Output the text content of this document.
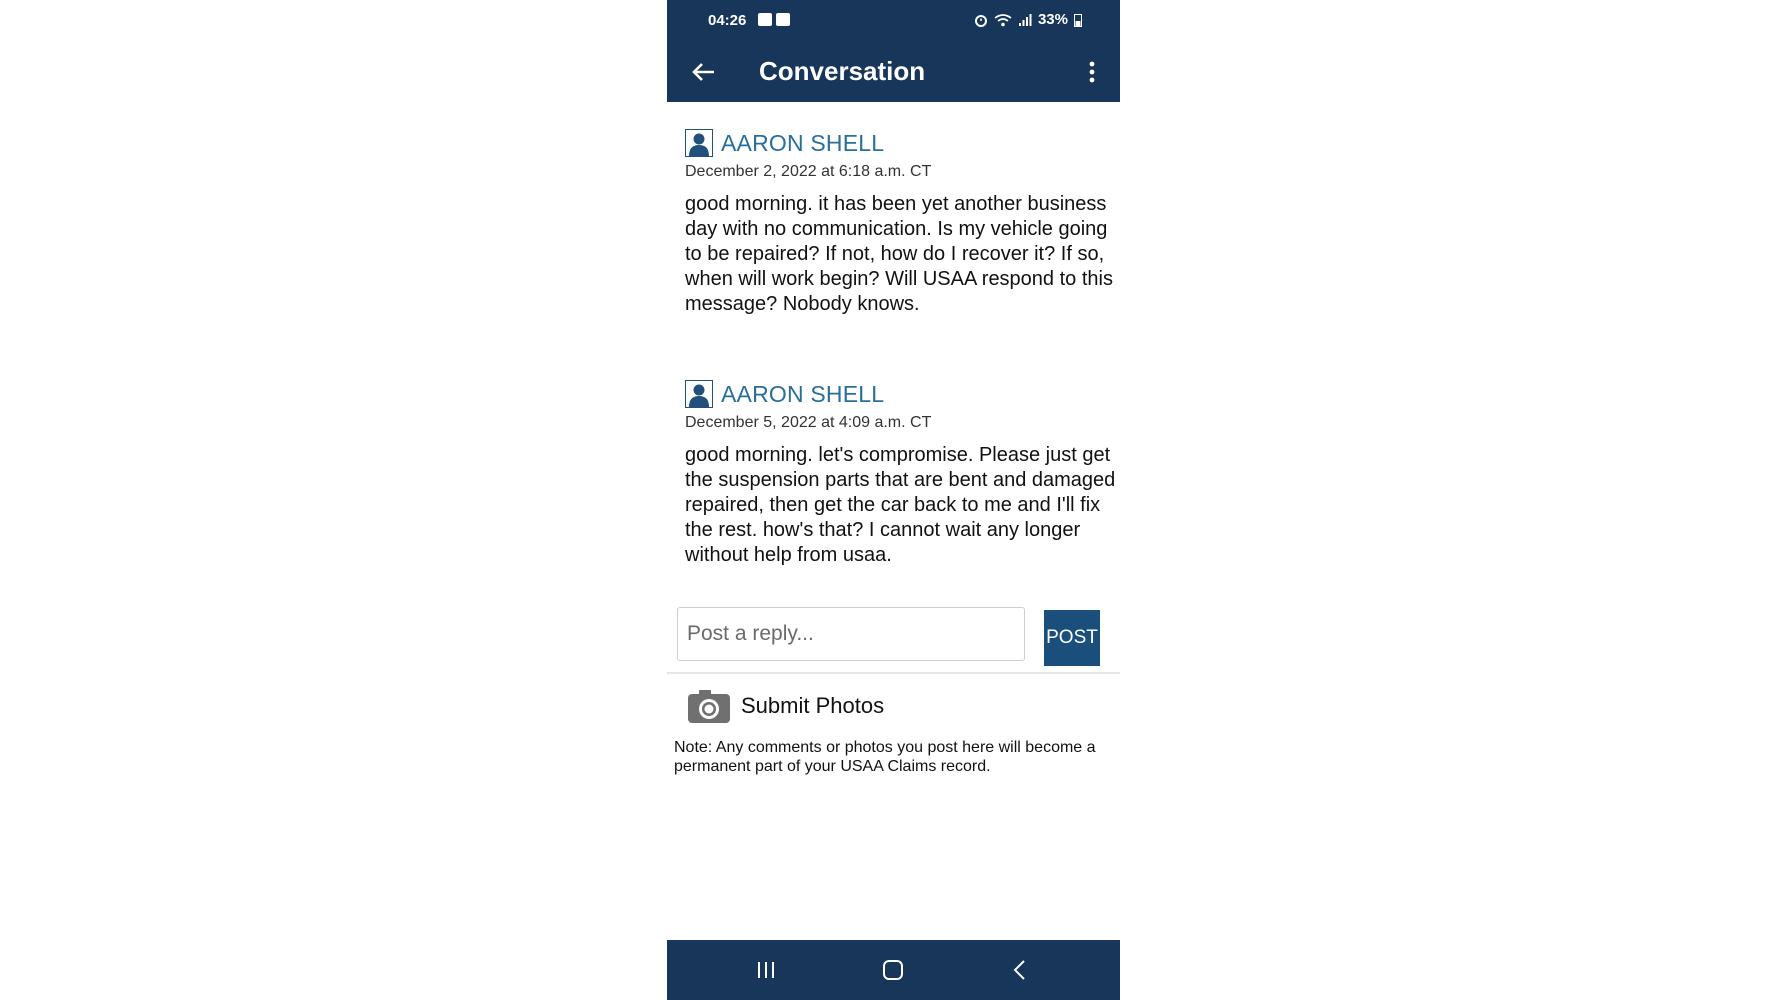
04:26	33%
Conversation
AARON SHELL
December 2, 2022 at 6:18 a.m. CT
good morning. it has been yet another business day with no communication. Is my vehicle going to be repaired? If not, how do I recover it? If so, when will work begin? Will USAA respond to this message? Nobody knows.
AARON SHELL
December 5, 2022 at 4:09 a.m. CT
good morning. let's compromise. Please just get the suspension parts that are bent and damaged repaired, then get the car back to me and I'll fix the rest. how's that? I cannot wait any longer without help from usaa.
Post a reply...
POST
Submit Photos
Note: Any comments or photos you post here will become a permanent part of your USAA Claims record.
